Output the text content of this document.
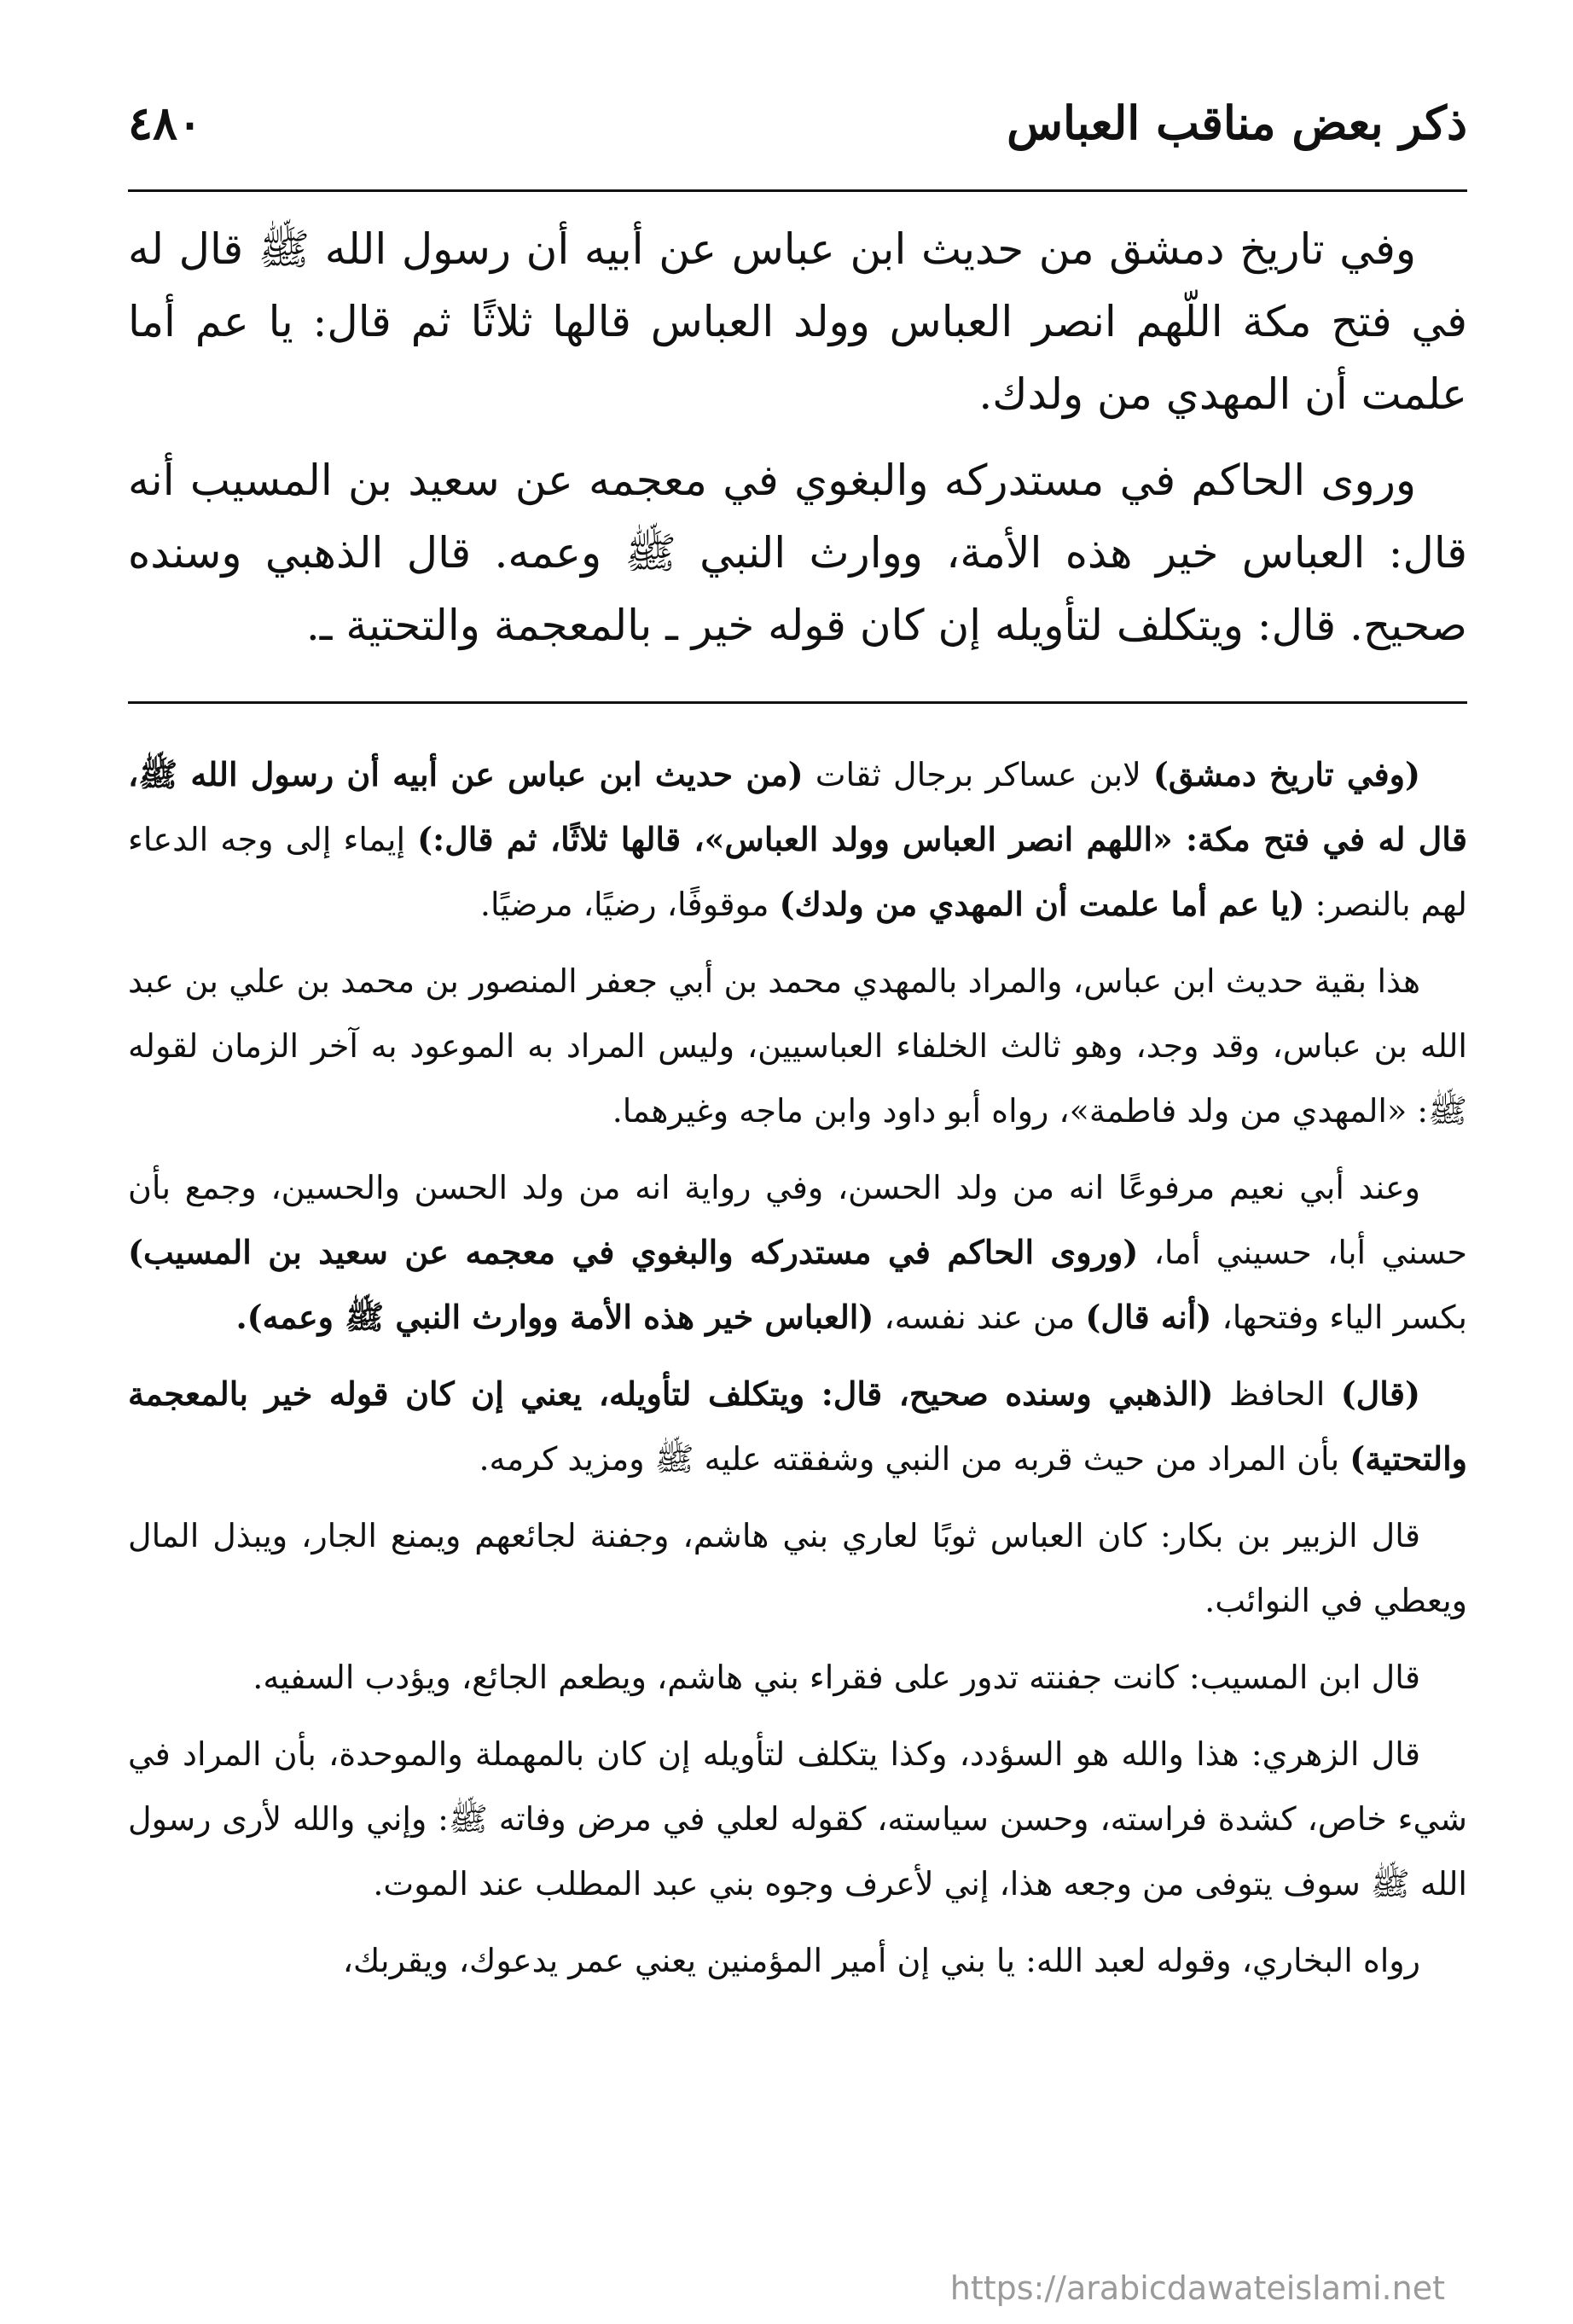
ذكر بعض مناقب العباس
٤٨٠

وفي تاريخ دمشق من حديث ابن عباس عن أبيه أن رسول الله ﷺ قال له في فتح مكة اللّهم انصر العباس وولد العباس قالها ثلاثًا ثم قال: يا عم أما علمت أن المهدي من ولدك.

وروى الحاكم في مستدركه والبغوي في معجمه عن سعيد بن المسيب أنه قال: العباس خير هذه الأمة، ووارث النبي ﷺ وعمه. قال الذهبي وسنده صحيح. قال: ويتكلف لتأويله إن كان قوله خير ـ بالمعجمة والتحتية ـ.

(وفي تاريخ دمشق) لابن عساكر برجال ثقات (من حديث ابن عباس عن أبيه أن رسول الله ﷺ، قال له في فتح مكة: «اللهم انصر العباس وولد العباس»، قالها ثلاثًا، ثم قال:) إيماء إلى وجه الدعاء لهم بالنصر: (يا عم أما علمت أن المهدي من ولدك) موقوفًا، رضيًا، مرضيًا.

هذا بقية حديث ابن عباس، والمراد بالمهدي محمد بن أبي جعفر المنصور بن محمد بن علي بن عبد الله بن عباس، وقد وجد، وهو ثالث الخلفاء العباسيين، وليس المراد به الموعود به آخر الزمان لقوله ﷺ: «المهدي من ولد فاطمة»، رواه أبو داود وابن ماجه وغيرهما.

وعند أبي نعيم مرفوعًا انه من ولد الحسن، وفي رواية انه من ولد الحسن والحسين، وجمع بأن حسني أبا، حسيني أما، (وروى الحاكم في مستدركه والبغوي في معجمه عن سعيد بن المسيب) بكسر الياء وفتحها، (أنه قال) من عند نفسه، (العباس خير هذه الأمة ووارث النبي ﷺ وعمه).

(قال) الحافظ (الذهبي وسنده صحيح، قال: ويتكلف لتأويله، يعني إن كان قوله خير بالمعجمة والتحتية) بأن المراد من حيث قربه من النبي وشفقته عليه ﷺ ومزيد كرمه.

قال الزبير بن بكار: كان العباس ثوبًا لعاري بني هاشم، وجفنة لجائعهم ويمنع الجار، ويبذل المال ويعطي في النوائب.

قال ابن المسيب: كانت جفنته تدور على فقراء بني هاشم، ويطعم الجائع، ويؤدب السفيه.

قال الزهري: هذا والله هو السؤدد، وكذا يتكلف لتأويله إن كان بالمهملة والموحدة، بأن المراد في شيء خاص، كشدة فراسته، وحسن سياسته، كقوله لعلي في مرض وفاته ﷺ: وإني والله لأرى رسول الله ﷺ سوف يتوفى من وجعه هذا، إني لأعرف وجوه بني عبد المطلب عند الموت.

رواه البخاري، وقوله لعبد الله: يا بني إن أمير المؤمنين يعني عمر يدعوك، ويقربك،

https://arabicdawateislami.net
